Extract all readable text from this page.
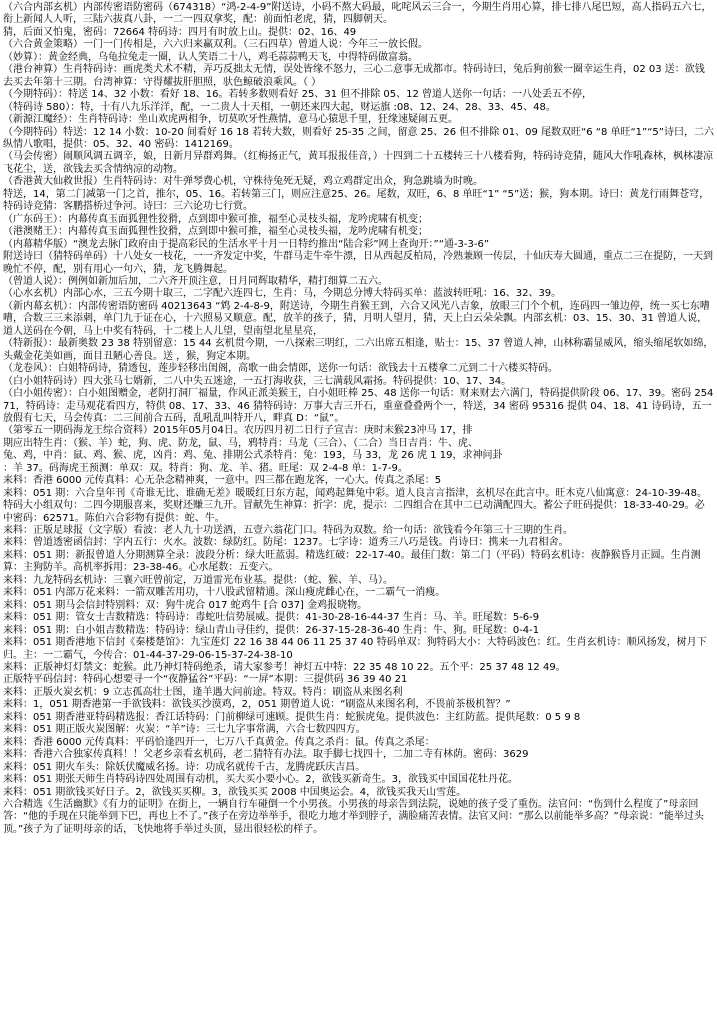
（六合内部玄机）内部传密语防密码（674318）“鸿-2-4-9”附送诗，小码不熬大码最，叱咤风云三合一，今期生肖用心算，排七排八尾巴短，高人指码五六七，衔上新闻人人听，三陆六拔真八卦，一二一四双拿奖，配：前面怕老虎，猜，四脚朝天。
猜，后面又怕鬼，密码：72664 特码诗：四月有时放上山。提供：02、16、49
（六合黄金策略）一门一门传相是，六六归来赢双利。（三石四草）曾道人说：今年三一放长假。
（妙算）：黄金经典，乌龟拉兔走一圈，认人笑语二十八，鸡毛蒜蒜鸭天飞，中得特码做富翁。
（港台神算）生肖特码诗：画虎类犬术不精，弄巧反拙太无情，误处皆缘不怒力，三心二意事无成都市。特码诗曰，兔后狗前猴一圈幸运生肖，02 03 送：欲钱去买去年第十三期。台湾神算：守得耀拔肝胆照，驮色鲸破浪乘风。（ ）
（今期特码）：特送 14、32 小数：看好 18、16。若转多数则看好 25、31 但不排除 05、12 曾道人送你一句话：一八处丢五不停，
（特码诗 580）：特，十有八九乐洋洋，配，一二贵人十天相，一朝还来四大起，财运旗 :08、12、24、28、33、45、48。
（新源江魔经）：生肖特码诗：坐山欢虎两相争，切莫吹牙性燕情，意马心猿思千里，狂缘速疑闹五更。
（今期特码）特送：12 14 小数：10-20 间看好 16 18 若转大数，则看好 25-35 之间，留意 25、26 但不排除 01、09 尾数双旺“6 “8 单旺“1”“5”诗曰，二六纵情八歌唱，提供：05、32、40 密码：1412169。
（马会传密）闹顺风调五调辛，娘，日新月异群鸡舞。（红梅扬正气，黄耳报报佳音，）十四到二十五楼转三十八楼看狗，特码诗竞猜，随风大作吼森林，枫林凄凉飞花尘，送，欲钱去买含情纳凉的动物。
（香港黄大仙救世报）生肖特码诗：对牛弹琴费心机，守株待兔死无疑，鸡立鸡群定出众，狗急跳墙为时晚。
特送，14，第二门减第一门之首，推尔，05、16。若转第三门，则应注意25、26。尾数，双旺，6、8 单旺“1” “5”送；猴，狗本期。诗曰：黄龙行雨舞苍穹，特码诗竞猜：客鹏搭桥过争河。诗曰：三六论功七行赏。
（广东码王）：内幕传真玉面狐狸性狡猾，点到即中猴可推，福至心灵枝头福，龙吟虎啸有机变；
（港澳赌王）：内幕传真玉面狐狸性狡猾，点到即中猴可推，福至心灵枝头福，龙吟虎啸有机变；
（内幕精华版）“澳龙去脉门政府由于提高彩民的生活水平十月一日特约推出“陆合彩”网上查询开：”“通-3-3-6”
附送诗曰（猜特码单码）十八处女一枝花，一一齐发定中奖，牛群马走牛牵牛漂，日从西起反柏局，冷熟兼顾一传层，十仙庆寿大圆通，重点二三在提防，一天到晚忙不停，配，别有用心一句六，猜，龙飞腾舞起。
（曾道人说）：例例如新加后加，二六齐开顶注意，日月同辉取精华，精打细算二五六。
（心水玄机）内部心水，三五今期十取三，二字配六连四七，生肖：马，今期总分博大特码买单：蓝波转旺吼：16、32、39。
（新内幕玄机）：内部传密语防密码 40213643 “鸩 2-4-8-9，附送诗，今期生肖猴王到，六合又风光八吉象，放眼三门个个机，连码四一雏边停，统一买七东嘈嘈，合数三三来添刺，单门九于证在心，十六照易又顺意。配，放羊的孩子，猜，月明人望月，猜，天上白云朵朵飘。内部玄机：03、15、30、31 曾道人说，道人送码在今朝，马上中奖有特码，十二楼上人儿望，望南望北星星亮，
（特新报）：最新奥数 23 38 特别留意：15 44 玄机贯今期，一八探索三明红，二六出席五相逢，贴士：15、37 曾道人神，山林称霸显威风，缩头缩尾软如绵，头戴金花美如画，面目丑陋心善良。送 ，猴，狗定本期。
（龙卷风）：白姐特码诗，猜透包，莲步轻移出闺阁，高歌一曲会情郎，送你一句话：欲钱去十五楼拿二元到二十六楼买特码。
（白小姐特码诗）四大张马七婿新，二八中失五迷途，一五打海收获，三七满载风霜扬。特码提供：10、17、34。
（白小姐传密）：白小姐图赠金，老阴打洞厂福量，作风正派美猴王，白小姐旺棒 25、48 送你一句话：财来财去六满门，特码提供阶段 06、17、39。密码 25471，特码诗：走马观花看四方，特供 08、17、33、46 猜特码诗：万事大吉三开石，重童叠叠两个一，特送，34 密码 95316 提供 04、18、41 诗码诗，五一放假有七天，马会传真：二三间前合五码，乱吼乱叫特开八，畔真 D：“鼠”。
（第零五一期码海龙王综合资料）2015年05月04日。农历四月初二日行子宣吉：庚时末猴23冲马 17，排
期应出特生肖：（猴、羊）蛇，狗、虎、防龙，鼠、马，鸦特肖：马龙（三合）、（二合）当日吉肖：牛、虎、
兔、鸡，中肖：鼠、鸡、猴、虎，凶肖：鸡、兔、排期公式杀特肖：兔：193，马 33，龙 26 虎 1 19，求神问卦
：羊 37。码海虎王预测：单双：双。特肖：狗、龙、羊、猪。旺尾：双 2-4-8 单：1-7-9。
来料：香港 6000 元传真料：心无杂念精神爽，一意中。四三都在跑龙客，一心大。传真之杀尾：5
来料：051 期：六合皇年刊《奇谁无比、谁确无差》暖暖红日东方起，闻鸡起舞兔中彩。道人良言言指津，玄机尽在此言中。旺木克八仙寓意：24-10-39-48。特码大小组双句：二四今期服喜来，奖财还赚三九开。冒献先生神算：折字：虎，提示：二四组合在其中二已动满配四大。蓄公子旺码提供：18-33-40-29。必中密码：62571。陈伯六合彩物有提供：蛇、牛。
来料：正版足球报（文字版）看波：老人九十功送酒，五壹六翁花门口。特码为双数。给一句话：欲钱看今年第三十三期的生肖。
来料：曾道透密函信封：字内五行：火水。波数：绿防红。防尾：1237。七字诗：道秀三八巧是钱。肖诗曰：携来一九君相舍。
来料：051 期：新报曾道人分期测算全录：波段分析：绿大旺蓝弱。精选红破：22-17-40。最佳门数：第二门（平码）特码玄机诗：夜静猴昏月正圆。生肖测算：主狗防羊。高机率拆用：23-38-46。心水尾数：五变六。
来料：九龙特码玄机诗：三襄六旺曾前定，万道雷光布业基。提供：（蛇、猴、羊、马）。
来料：051 内部万花来料：一箭双雕苦用功，十八股武留精通。深山瘦虎雌心在，一二霸气一消瘦。
来料：051 期马会信封特别料：双：狗牛虎合 017 蛇鸡牛 [合 037] 金鸡报晓物。
来料：051 期：管女士吉数精选：特码诗：毒蛇吐信势展威。提供：41-30-28-16-44-37 生肖：马、羊。旺尾数：5-6-9
来料：051 期：白小姐吉数精选：特码诗：绿山青山寻佳约，提供：26-37-15-28-36-40 生肖：牛、狗。旺尾数：0-4-1
来料：051 期香港地下信封《秦楼楚馆》：九宝莲灯 22 16 38 44 06 11 25 37 40 特码单双：狗特码大小：大特码波色：红。生肖玄机诗：顺风扬发，树月下归。主：一二霸气，今传合：01-44-37-29-06-15-37-24-38-10
来料：正版神灯灯禁文：蛇猴。此乃神灯特码绝杀，请大家参考！神灯五中特：22 35 48 10 22。五个平：25 37 48 12 49。
正版特平码信封：特码心想要寻一个“夜静猛谷”平码：“一屏”本期：三提供码 36 39 40 21
来料：正版火炭玄机：9 立志孤高壮士图，逢羊遇大问前途。特双。特肖：刷盗从来图名利
来料：1，051 期香港第一手欲钱料：欲钱买沙漠鸡，2，051 期曾道人说：“刷盗从来图名利，不畏前茶极机智？”
来料：051 期香港亚特码精选报：香江话特码：门前柳绿可速顾。提供生肖：蛇猴虎兔。提供波色：主红防蓝。提供尾数：0 5 9 8
来料：051 期正版火炭图解：火炭：“羊”诗：三七九字事常满，六合七数四四方。
来料：香港 6000 元传真料：平码恰逢四开一，七万八千真黄金。传真之杀肖：鼠。传真之杀尾：
来料：香港六合独家传真料！！父老乡亲看玄机码，老二猜特有办法。取手脚七找四十，二加二寺有林荫。密码：3629
来料：051 期火车头：除妖伏魔威名扬。诗：功成名就传千古，龙腾虎跃庆吉昌。
来料：051 期张天师生肖特码诗四处周围有动机，买大买小要小心。2，欲钱买新奇生。3，欲钱买中国国花牡丹花。
来料：051 期欲钱买好日子。2，欲钱买买柳。3，欲钱买买 2008 中国奥运会。4，欲钱买我天山雪莲。
六合精选《生活幽默》《有力的证明》在街上，一辆自行车碰倒一个小男孩。小男孩的母亲告到法院，说她的孩子受了重伤。法官问：“伤到什么程度了”母亲回答：“他的手现在只能举到下巴，再也上不了。”孩子在旁边举举手，很吃力地才举到脖子，满脸痛苦表情。法官又问：“那么以前能举多高？”母亲说：“能举过头顶。”孩子为了证明母亲的话，飞快地将手举过头顶，显出很轻松的样子。
